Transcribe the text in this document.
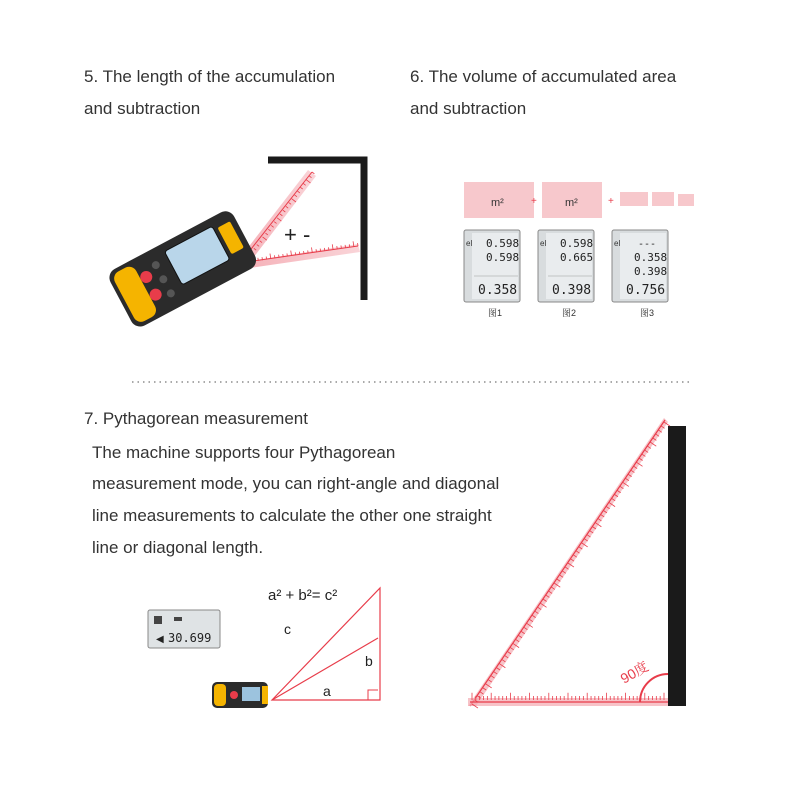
5. The length of the accumulation
and subtraction
6. The volume of accumulated area
and subtraction
7. Pythagorean measurement
The machine supports four Pythagorean
measurement mode, you can right-angle and diagonal
line measurements to calculate the other one straight
line or diagonal length.
+ -
m²	+	m²	+
el 0.598
0.598
0.358
图1
el 0.598
0.665
0.398
图2
el ---
0.358
0.398
0.756
图3
a² + b²= c²
c
b
a
◀ 30.699
90度
